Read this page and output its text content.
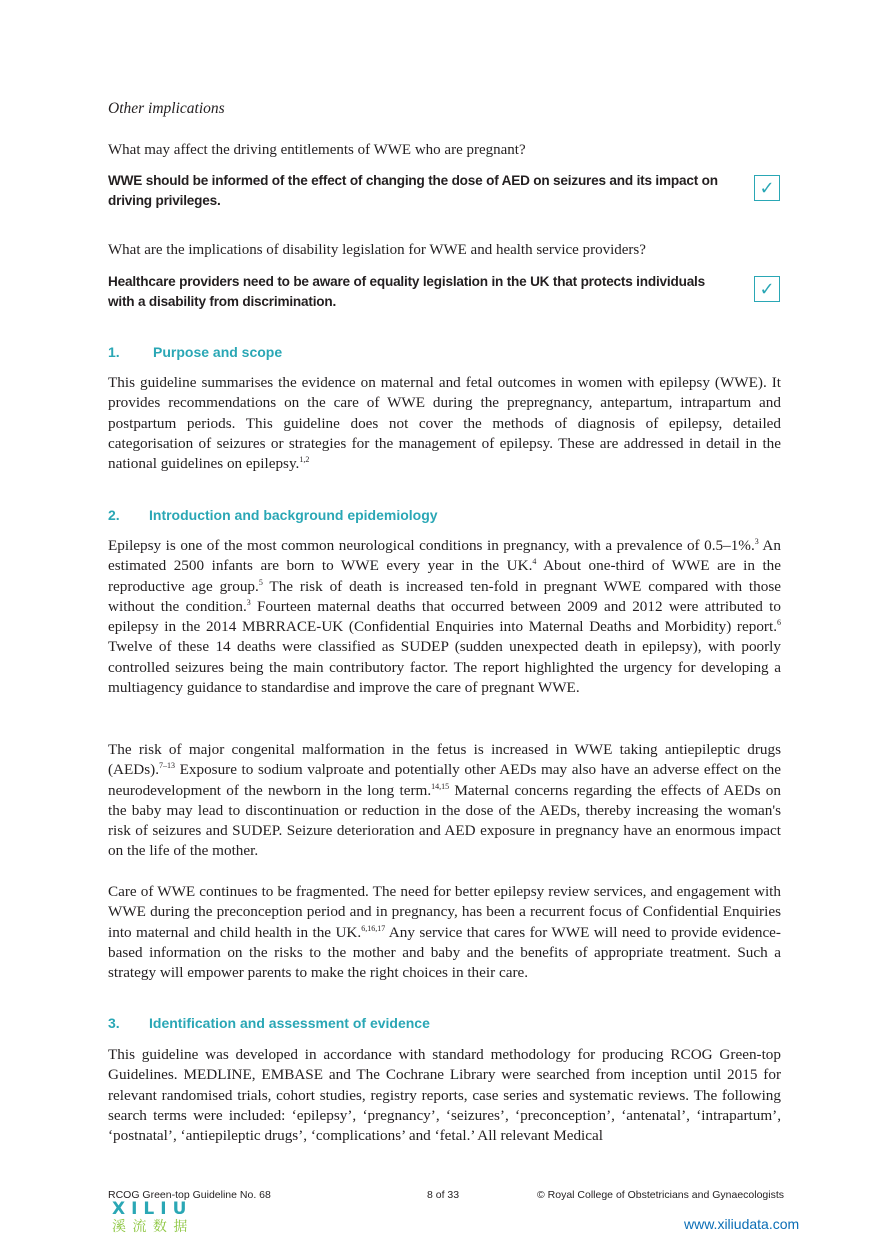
Other implications
What may affect the driving entitlements of WWE who are pregnant?
WWE should be informed of the effect of changing the dose of AED on seizures and its impact on driving privileges.
✓
What are the implications of disability legislation for WWE and health service providers?
Healthcare providers need to be aware of equality legislation in the UK that protects individuals with a disability from discrimination.
✓
1. Purpose and scope
This guideline summarises the evidence on maternal and fetal outcomes in women with epilepsy (WWE). It provides recommendations on the care of WWE during the prepregnancy, antepartum, intrapartum and postpartum periods. This guideline does not cover the methods of diagnosis of epilepsy, detailed categorisation of seizures or strategies for the management of epilepsy. These are addressed in detail in the national guidelines on epilepsy.$^{1,2}$
2. Introduction and background epidemiology
Epilepsy is one of the most common neurological conditions in pregnancy, with a prevalence of 0.5–1%.$^3$ An estimated 2500 infants are born to WWE every year in the UK.$^4$ About one-third of WWE are in the reproductive age group.$^5$ The risk of death is increased ten-fold in pregnant WWE compared with those without the condition.$^3$ Fourteen maternal deaths that occurred between 2009 and 2012 were attributed to epilepsy in the 2014 MBRRACE-UK (Confidential Enquiries into Maternal Deaths and Morbidity) report.$^6$ Twelve of these 14 deaths were classified as SUDEP (sudden unexpected death in epilepsy), with poorly controlled seizures being the main contributory factor. The report highlighted the urgency for developing a multiagency guidance to standardise and improve the care of pregnant WWE.
The risk of major congenital malformation in the fetus is increased in WWE taking antiepileptic drugs (AEDs).$^{7-13}$ Exposure to sodium valproate and potentially other AEDs may also have an adverse effect on the neurodevelopment of the newborn in the long term.$^{14,15}$ Maternal concerns regarding the effects of AEDs on the baby may lead to discontinuation or reduction in the dose of the AEDs, thereby increasing the woman's risk of seizures and SUDEP. Seizure deterioration and AED exposure in pregnancy have an enormous impact on the life of the mother.
Care of WWE continues to be fragmented. The need for better epilepsy review services, and engagement with WWE during the preconception period and in pregnancy, has been a recurrent focus of Confidential Enquiries into maternal and child health in the UK.$^{6,16,17}$ Any service that cares for WWE will need to provide evidence-based information on the risks to the mother and baby and the benefits of appropriate treatment. Such a strategy will empower parents to make the right choices in their care.
3. Identification and assessment of evidence
This guideline was developed in accordance with standard methodology for producing RCOG Green-top Guidelines. MEDLINE, EMBASE and The Cochrane Library were searched from inception until 2015 for relevant randomised trials, cohort studies, registry reports, case series and systematic reviews. The following search terms were included: ‘epilepsy’, ‘pregnancy’, ‘seizures’, ‘preconception’, ‘antenatal’, ‘intrapartum’, ‘postnatal’, ‘antiepileptic drugs’, ‘complications’ and ‘fetal.’ All relevant Medical
RCOG Green-top Guideline No. 68	8 of 33	© Royal College of Obstetricians and Gynaecologists
XILIU
溪 流 数 据	www.xiliudata.com
